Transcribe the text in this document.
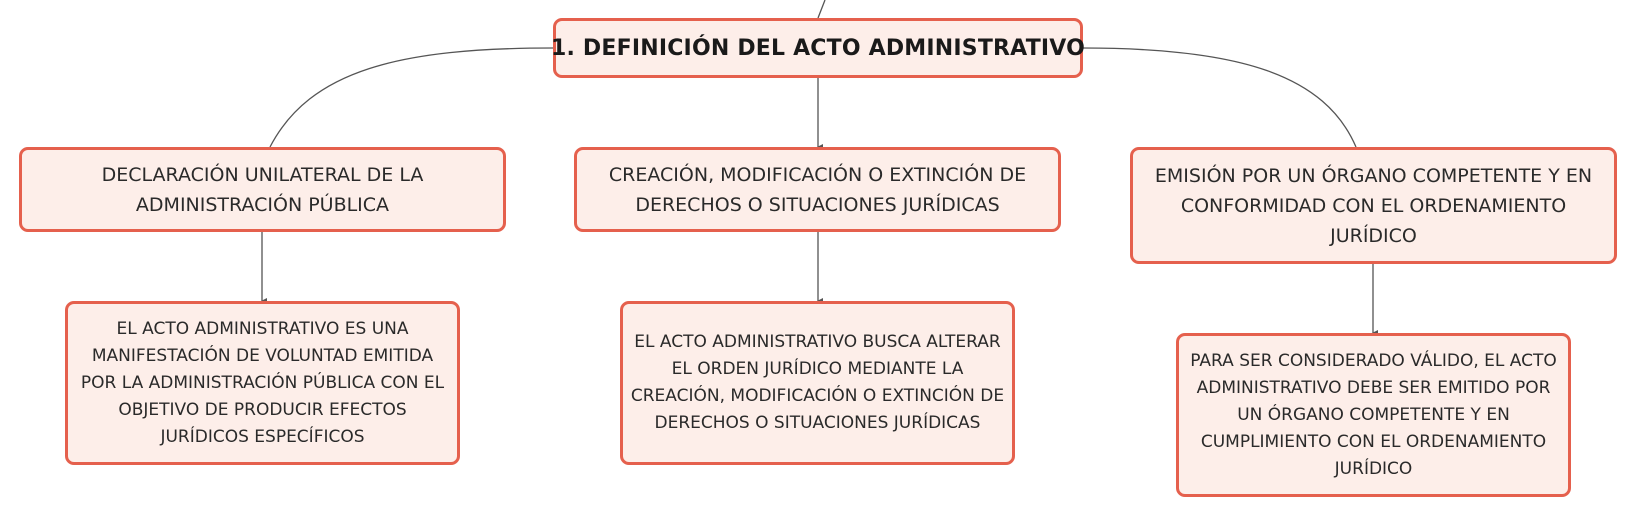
1. DEFINICIÓN DEL ACTO ADMINISTRATIVO
DECLARACIÓN UNILATERAL DE LA ADMINISTRACIÓN PÚBLICA
CREACIÓN, MODIFICACIÓN O EXTINCIÓN DE DERECHOS O SITUACIONES JURÍDICAS
EMISIÓN POR UN ÓRGANO COMPETENTE Y EN CONFORMIDAD CON EL ORDENAMIENTO JURÍDICO
EL ACTO ADMINISTRATIVO ES UNA MANIFESTACIÓN DE VOLUNTAD EMITIDA POR LA ADMINISTRACIÓN PÚBLICA CON EL OBJETIVO DE PRODUCIR EFECTOS JURÍDICOS ESPECÍFICOS
EL ACTO ADMINISTRATIVO BUSCA ALTERAR EL ORDEN JURÍDICO MEDIANTE LA CREACIÓN, MODIFICACIÓN O EXTINCIÓN DE DERECHOS O SITUACIONES JURÍDICAS
PARA SER CONSIDERADO VÁLIDO, EL ACTO ADMINISTRATIVO DEBE SER EMITIDO POR UN ÓRGANO COMPETENTE Y EN CUMPLIMIENTO CON EL ORDENAMIENTO JURÍDICO
